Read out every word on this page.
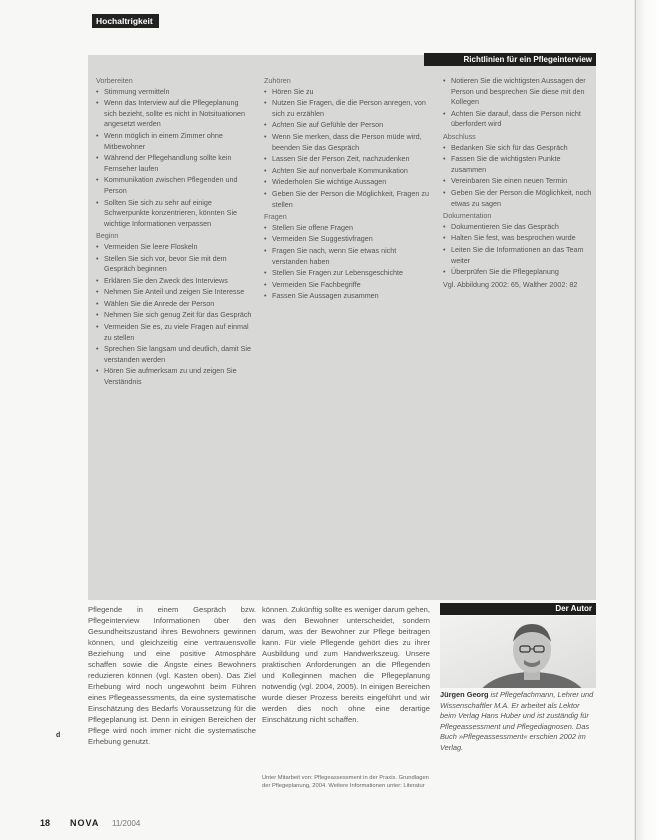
Hochaltrigkeit
Richtlinien für ein Pflegeinterview
Vorbereiten
• Stimmung vermitteln
• Wenn das Interview auf die Pflegeplanung sich bezieht, sollte es nicht in Notsituationen angesetzt werden
• Wenn möglich in einem Zimmer ohne Mitbewohner
• Während der Pflegehandlung sollte kein Fernseher laufen
• Kommunikation zwischen Pflegenden und Person
• Sollten Sie sich zu sehr auf einige Schwerpunkte konzentrieren, könnten Sie wichtige Informationen verpassen
Beginn
• Vermeiden Sie leere Floskeln
• Stellen Sie sich vor, bevor Sie mit dem Gespräch beginnen
• Erklären Sie den Zweck des Interviews
• Nehmen Sie Anteil und zeigen Sie Interesse
• Wählen Sie die Anrede der Person
• Nehmen Sie sich genug Zeit für das Gespräch
• Vermeiden Sie es, zu viele Fragen auf einmal zu stellen
• Sprechen Sie langsam und deutlich, damit Sie verstanden werden
• Hören Sie aufmerksam zu und zeigen Sie Verständnis
Zuhören
• Hören Sie zu
• Nutzen Sie Fragen, die die Person anregen, von sich zu erzählen
• Achten Sie auf Gefühle der Person
• Wenn Sie merken, dass die Person müde wird, beenden Sie das Gespräch
• Lassen Sie der Person Zeit, nachzudenken
• Achten Sie auf nonverbale Kommunikation
• Wiederholen Sie wichtige Aussagen
• Geben Sie der Person die Möglichkeit, Fragen zu stellen
Fragen
• Stellen Sie offene Fragen
• Vermeiden Sie Suggestivfragen
• Fragen Sie nach, wenn Sie etwas nicht verstanden haben
• Stellen Sie Fragen zur Lebensgeschichte
• Vermeiden Sie Fachbegriffe
• Fassen Sie Aussagen zusammen
• Notieren Sie die wichtigsten Aussagen der Person und besprechen Sie diese mit den Kollegen
• Achten Sie darauf, dass die Person nicht überfordert wird
Abschluss
• Bedanken Sie sich für das Gespräch
• Fassen Sie die wichtigsten Punkte zusammen
• Vereinbaren Sie einen neuen Termin
• Geben Sie der Person die Möglichkeit, noch etwas zu sagen
Dokumentation
• Dokumentieren Sie das Gespräch
• Halten Sie fest, was besprochen wurde
• Leiten Sie die Informationen an das Team weiter
• Überprüfen Sie die Pflegeplanung

Vgl. Abbildung 2002: 65, Walther 2002: 82

Pflegende in einem Gespräch bzw. Pflegeinterview Informationen über den Gesundheitszustand ihres Bewohners gewinnen können, und gleichzeitig eine vertrauensvolle Beziehung und eine positive Atmosphäre schaffen sowie die Ängste eines Bewohners reduzieren können (vgl. Kasten oben). Das Ziel Erhebung wird noch ungewohnt beim Führen eines Pflegeassessments, da eine systematische Einschätzung des Bedarfs Voraussetzung für die Pflegeplanung ist. Denn in einigen Bereichen der Pflege wird noch immer nicht die systematische Erhebung genutzt.
können. Zukünftig sollte es weniger darum gehen, was den Bewohner unterscheidet, sondern darum, was der Bewohner zur Pflege beitragen kann. Für viele Pflegende gehört dies zu ihrer Ausbildung und zum Handwerkszeug. Unsere praktischen Anforderungen an die Pflegenden und Kolleginnen machen die Pflegeplanung notwendig (vgl. 2004, 2005). In einigen Bereichen wurde dieser Prozess bereits eingeführt und wir werden dies noch ohne eine derartige Einschätzung nicht schaffen.
Unter Mitarbeit von: Pflegeassessment in der Praxis. Grundlagen der Pflegeplanung, 2004. Weitere Informationen unter: Literatur
Der Autor
Jürgen Georg ist Pflegefachmann, Lehrer und Wissenschaftler M.A. Er arbeitet als Lektor beim Verlag Hans Huber und ist zuständig für Pflegeassessment und Pflegediagnosen. Das Buch »Pflegeassessment« erschien 2002 im Verlag.
d
18 NOVA 11/2004
